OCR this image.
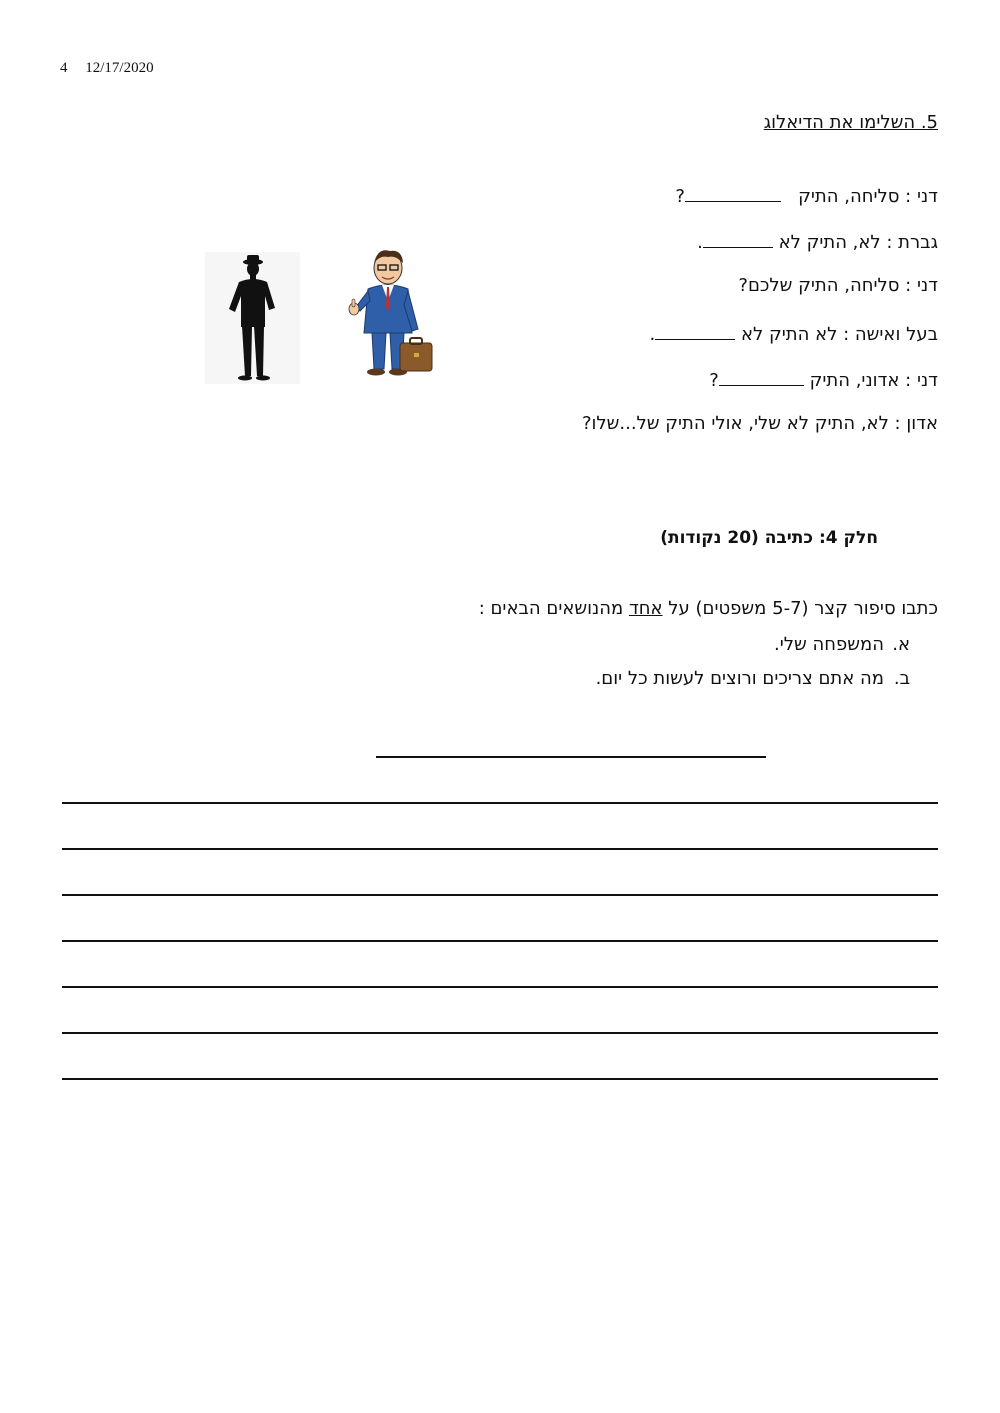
4 12/17/2020
5. השלימו את הדיאלוג
דני : סליחה, התיק   ?
גברת : לא, התיק לא .
דני : סליחה, התיק שלכם?
בעל ואישה : לא התיק לא .
דני : אדוני, התיק ?
אדון : לא, התיק לא שלי, אולי התיק של...שלו?
חלק 4: כתיבה (20 נקודות)
כתבו סיפור קצר (5-7 משפטים) על אחד מהנושאים הבאים :
א.המשפחה שלי.
ב.מה אתם צריכים ורוצים לעשות כל יום.
